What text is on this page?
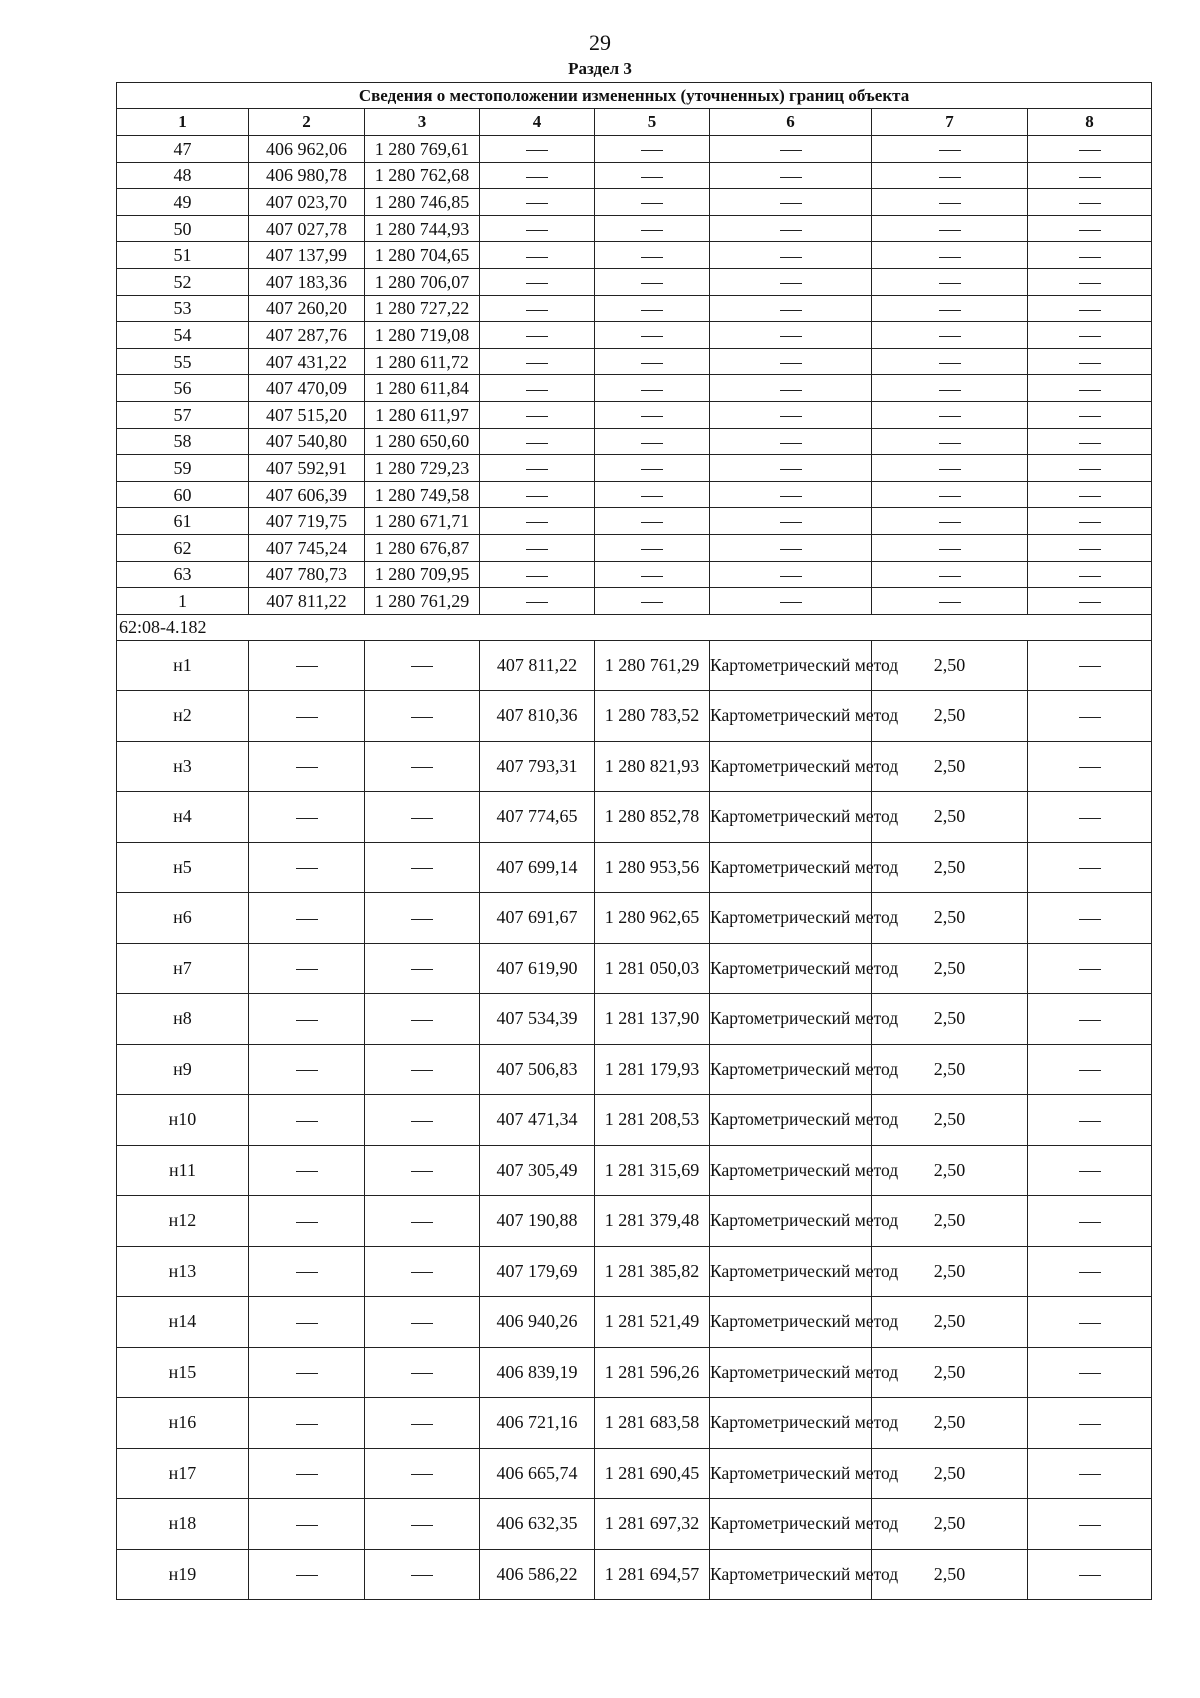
29
Раздел 3
Сведения о местоположении измененных (уточненных) границ объекта							
1	2	3	4	5	6	7	8
47	406 962,06	1 280 769,61					
48	406 980,78	1 280 762,68					
49	407 023,70	1 280 746,85					
50	407 027,78	1 280 744,93					
51	407 137,99	1 280 704,65					
52	407 183,36	1 280 706,07					
53	407 260,20	1 280 727,22					
54	407 287,76	1 280 719,08					
55	407 431,22	1 280 611,72					
56	407 470,09	1 280 611,84					
57	407 515,20	1 280 611,97					
58	407 540,80	1 280 650,60					
59	407 592,91	1 280 729,23					
60	407 606,39	1 280 749,58					
61	407 719,75	1 280 671,71					
62	407 745,24	1 280 676,87					
63	407 780,73	1 280 709,95					
1	407 811,22	1 280 761,29					
62:08-4.182							
н1			407 811,22	1 280 761,29	Картометрический метод	2,50	
н2			407 810,36	1 280 783,52	Картометрический метод	2,50	
н3			407 793,31	1 280 821,93	Картометрический метод	2,50	
н4			407 774,65	1 280 852,78	Картометрический метод	2,50	
н5			407 699,14	1 280 953,56	Картометрический метод	2,50	
н6			407 691,67	1 280 962,65	Картометрический метод	2,50	
н7			407 619,90	1 281 050,03	Картометрический метод	2,50	
н8			407 534,39	1 281 137,90	Картометрический метод	2,50	
н9			407 506,83	1 281 179,93	Картометрический метод	2,50	
н10			407 471,34	1 281 208,53	Картометрический метод	2,50	
н11			407 305,49	1 281 315,69	Картометрический метод	2,50	
н12			407 190,88	1 281 379,48	Картометрический метод	2,50	
н13			407 179,69	1 281 385,82	Картометрический метод	2,50	
н14			406 940,26	1 281 521,49	Картометрический метод	2,50	
н15			406 839,19	1 281 596,26	Картометрический метод	2,50	
н16			406 721,16	1 281 683,58	Картометрический метод	2,50	
н17			406 665,74	1 281 690,45	Картометрический метод	2,50	
н18			406 632,35	1 281 697,32	Картометрический метод	2,50	
н19			406 586,22	1 281 694,57	Картометрический метод	2,50	
